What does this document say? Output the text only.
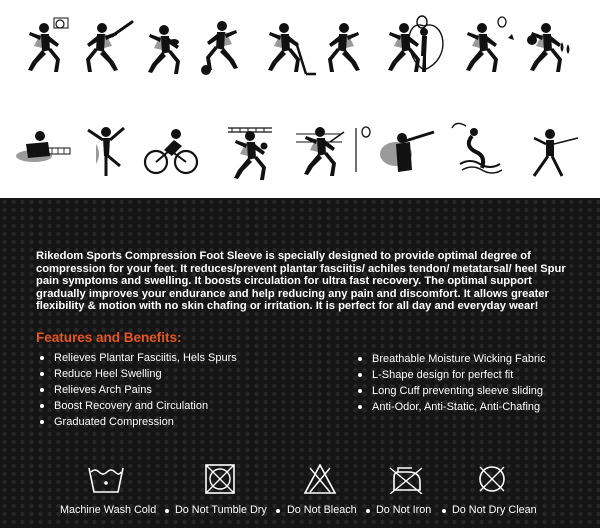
Rikedom Sports Compression Foot Sleeve is specially designed to provide optimal degree of compression for your feet. It reduces/prevent plantar fasciitis/ achiles tendon/ metatarsal/ heel Spur pain symptoms and swelling. It boosts circulation for ultra fast recovery. The optimal support gradually improves your endurance and help reducing any pain and discomfort. It allows greater flexibility & motion with no skin chafing or irritation. It is perfect for all day and everyday wear!
Features and Benefits:
Relieves Plantar Fasciitis, Hels Spurs
Reduce Heel Swelling
Relieves Arch Pains
Boost Recovery and Circulation
Graduated Compression
Breathable Moisture Wicking Fabric
L-Shape design for perfect fit
Long Cuff preventing sleeve sliding
Anti-Odor, Anti-Static, Anti-Chafing
Machine Wash Cold Do Not Tumble Dry Do Not Bleach Do Not Iron Do Not Dry Clean
